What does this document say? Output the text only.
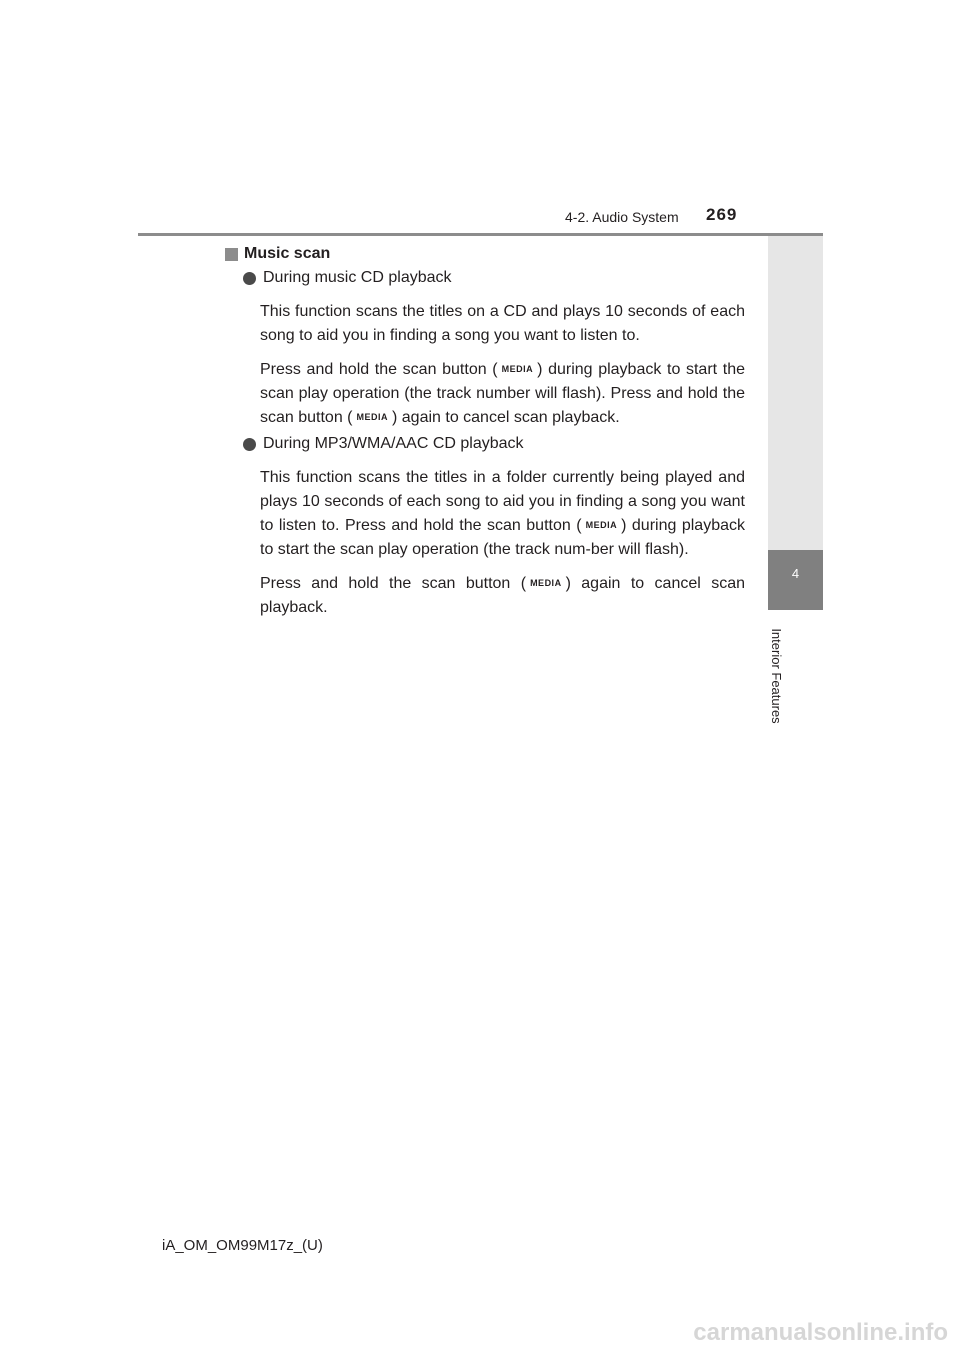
4-2. Audio System 269
4
Interior Features
Music scan
During music CD playback

This function scans the titles on a CD and plays 10 seconds of each song to aid you in finding a song you want to listen to.

Press and hold the scan button ( MEDIA ) during playback to start the scan play operation (the track number will flash). Press and hold the scan button ( MEDIA ) again to cancel scan playback.

During MP3/WMA/AAC CD playback

This function scans the titles in a folder currently being played and plays 10 seconds of each song to aid you in finding a song you want to listen to. Press and hold the scan button ( MEDIA ) during playback to start the scan play operation (the track num-ber will flash).

Press and hold the scan button ( MEDIA ) again to cancel scan playback.

iA_OM_OM99M17z_(U)
carmanualsonline.info
